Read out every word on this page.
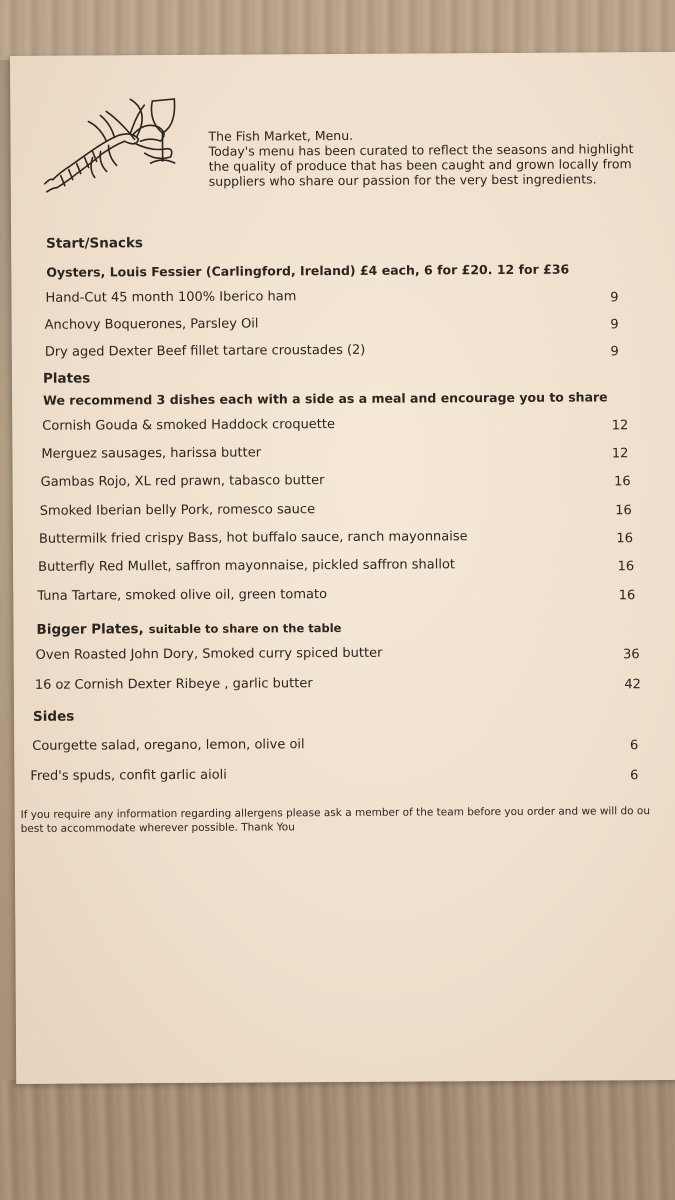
The Fish Market, Menu.
Today's menu has been curated to reflect the seasons and highlight the quality of produce that has been caught and grown locally from suppliers who share our passion for the very best ingredients.
Start/Snacks
Oysters, Louis Fessier (Carlingford, Ireland) £4 each, 6 for £20. 12 for £36
Hand-Cut 45 month 100% Iberico ham	9
Anchovy Boquerones, Parsley Oil	9
Dry aged Dexter Beef fillet tartare croustades (2)	9
Plates
We recommend 3 dishes each with a side as a meal and encourage you to share
Cornish Gouda & smoked Haddock croquette	12
Merguez sausages, harissa butter	12
Gambas Rojo, XL red prawn, tabasco butter	16
Smoked Iberian belly Pork, romesco sauce	16
Buttermilk fried crispy Bass, hot buffalo sauce, ranch mayonnaise	16
Butterfly Red Mullet, saffron mayonnaise, pickled saffron shallot	16
Tuna Tartare, smoked olive oil, green tomato	16
Bigger Plates, suitable to share on the table
Oven Roasted John Dory, Smoked curry spiced butter	36
16 oz Cornish Dexter Ribeye , garlic butter	42
Sides
Courgette salad, oregano, lemon, olive oil	6
Fred's spuds, confit garlic aioli	6
If you require any information regarding allergens please ask a member of the team before you order and we will do ou
best to accommodate wherever possible. Thank You
